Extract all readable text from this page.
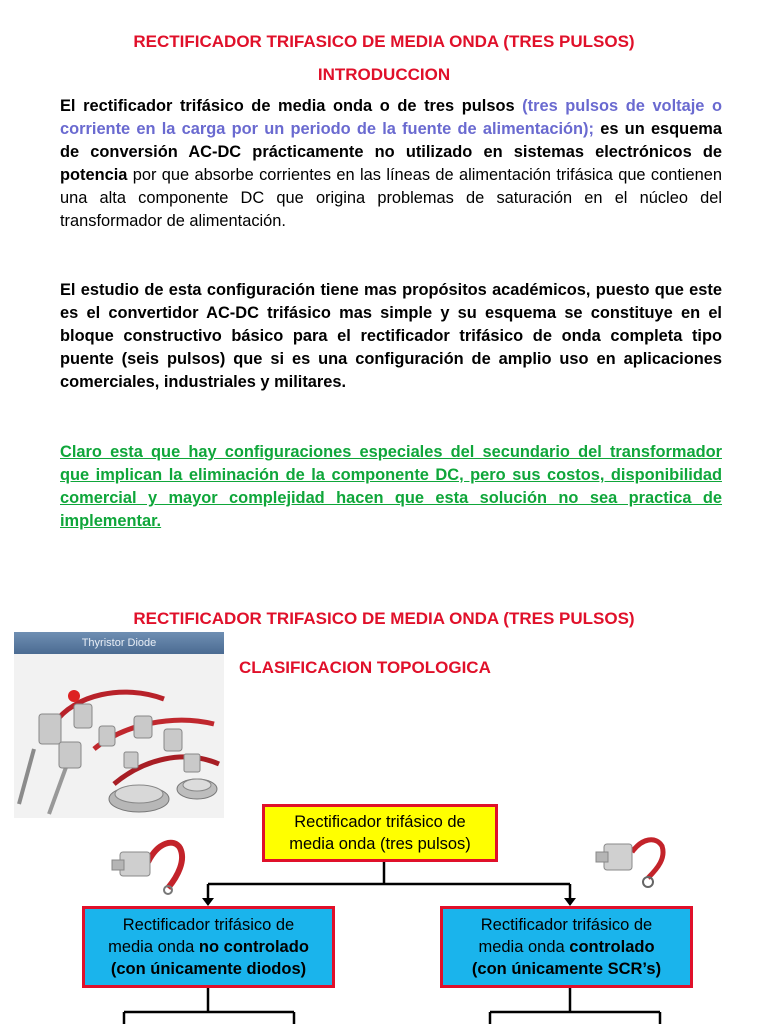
RECTIFICADOR TRIFASICO DE MEDIA ONDA (TRES PULSOS)
INTRODUCCION
El rectificador trifásico de media onda o de tres pulsos (tres pulsos de voltaje o corriente en la carga por un periodo de la fuente de alimentación); es un esquema de conversión AC-DC prácticamente no utilizado en sistemas electrónicos de potencia por que absorbe corrientes en las líneas de alimentación trifásica que contienen una alta componente DC que origina problemas de saturación en el núcleo del transformador de alimentación.
El estudio de esta configuración tiene mas propósitos académicos, puesto que este es el convertidor AC-DC trifásico mas simple y su esquema se constituye en el bloque constructivo básico para el rectificador trifásico de onda completa tipo puente (seis pulsos) que si es una configuración de amplio uso en aplicaciones comerciales, industriales y militares.
Claro esta que hay configuraciones especiales del secundario del transformador que implican la eliminación de la componente DC, pero sus costos, disponibilidad comercial y mayor complejidad hacen que esta solución no sea practica de implementar.
RECTIFICADOR TRIFASICO DE MEDIA ONDA (TRES PULSOS)
CLASIFICACION TOPOLOGICA
Thyristor Diode
Rectificador trifásico de media onda (tres pulsos)
Rectificador trifásico de
media onda no controlado
(con únicamente diodos)
Rectificador trifásico de
media onda controlado
(con únicamente SCR’s)
